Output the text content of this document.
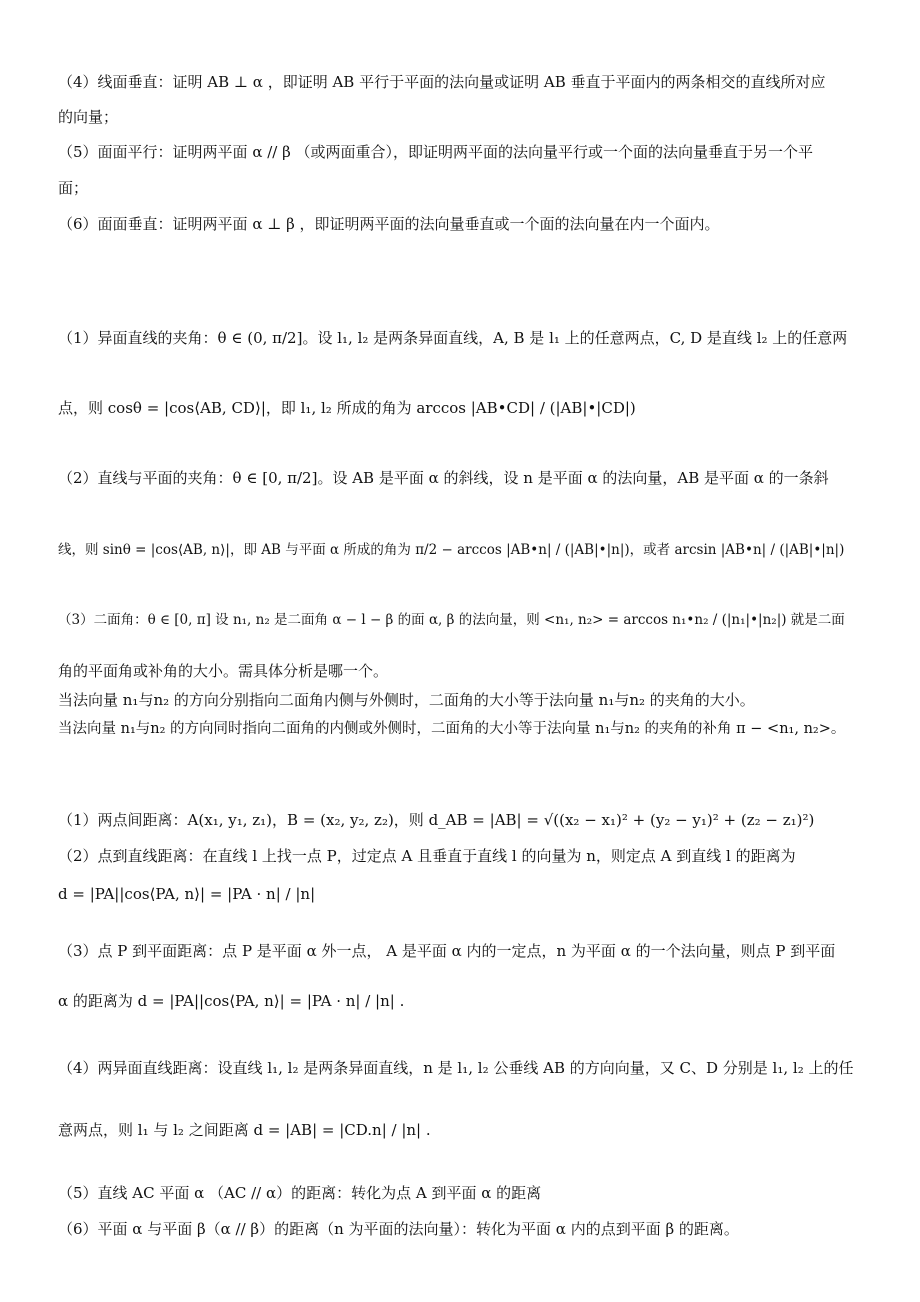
（4）线面垂直：证明 AB ⊥ α ，即证明 AB 平行于平面的法向量或证明 AB 垂直于平面内的两条相交的直线所对应
的向量；
（5）面面平行：证明两平面 α // β （或两面重合），即证明两平面的法向量平行或一个面的法向量垂直于另一个平
面；
（6）面面垂直：证明两平面 α ⊥ β ，即证明两平面的法向量垂直或一个面的法向量在内一个面内。
（1）异面直线的夹角：θ ∈ (0, π/2]。设 l₁, l₂ 是两条异面直线，A, B 是 l₁ 上的任意两点，C, D 是直线 l₂ 上的任意两
点，则 cosθ = |cos⟨AB, CD⟩|，即 l₁, l₂ 所成的角为 arccos |AB•CD| / (|AB|•|CD|)
（2）直线与平面的夹角：θ ∈ [0, π/2]。设 AB 是平面 α 的斜线，设 n 是平面 α 的法向量，AB 是平面 α 的一条斜
线，则 sinθ = |cos⟨AB, n⟩|，即 AB 与平面 α 所成的角为 π/2 − arccos |AB•n| / (|AB|•|n|)，或者 arcsin |AB•n| / (|AB|•|n|)
（3）二面角：θ ∈ [0, π] 设 n₁, n₂ 是二面角 α − l − β 的面 α, β 的法向量，则 <n₁, n₂> = arccos n₁•n₂ / (|n₁|•|n₂|) 就是二面
角的平面角或补角的大小。需具体分析是哪一个。
当法向量 n₁与n₂ 的方向分别指向二面角内侧与外侧时，二面角的大小等于法向量 n₁与n₂ 的夹角的大小。
当法向量 n₁与n₂ 的方向同时指向二面角的内侧或外侧时，二面角的大小等于法向量 n₁与n₂ 的夹角的补角 π − <n₁, n₂>。
（1）两点间距离：A(x₁, y₁, z₁)，B = (x₂, y₂, z₂)，则 d_AB = |AB| = √((x₂ − x₁)² + (y₂ − y₁)² + (z₂ − z₁)²)
（2）点到直线距离：在直线 l 上找一点 P，过定点 A 且垂直于直线 l 的向量为 n，则定点 A 到直线 l 的距离为
d = |PA||cos⟨PA, n⟩| = |PA · n| / |n|
（3）点 P 到平面距离：点 P 是平面 α 外一点， A 是平面 α 内的一定点，n 为平面 α 的一个法向量，则点 P 到平面
α 的距离为 d = |PA||cos⟨PA, n⟩| = |PA · n| / |n| .
（4）两异面直线距离：设直线 l₁, l₂ 是两条异面直线，n 是 l₁, l₂ 公垂线 AB 的方向向量，又 C、D 分别是 l₁, l₂ 上的任
意两点，则 l₁ 与 l₂ 之间距离 d = |AB| = |CD.n| / |n| .
（5）直线 AC 平面 α （AC // α）的距离：转化为点 A 到平面 α 的距离
（6）平面 α 与平面 β（α // β）的距离（n 为平面的法向量）：转化为平面 α 内的点到平面 β 的距离。
